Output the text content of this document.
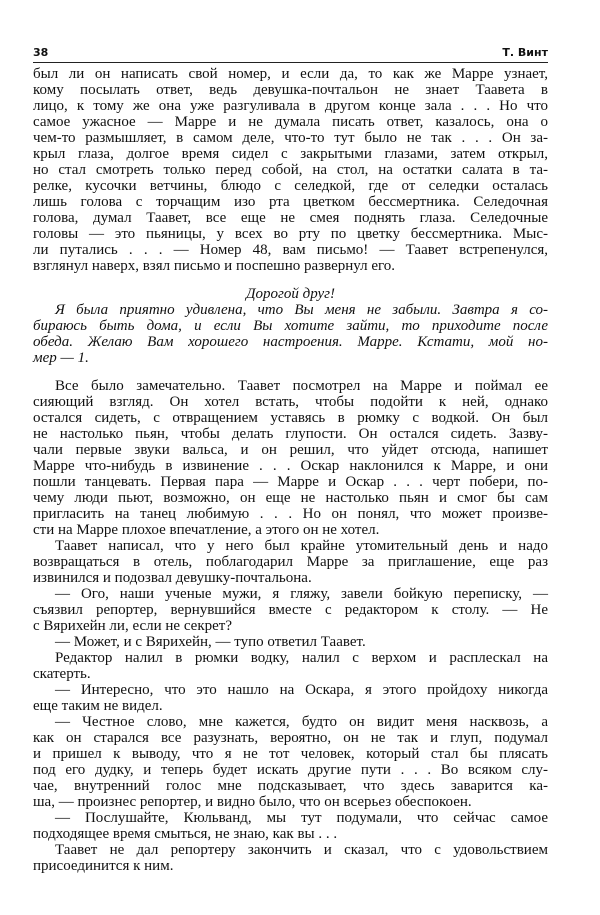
38	Т. Винт
был ли он написать свой номер, и если да, то как же Марре узнает,
кому посылать ответ, ведь девушка-почтальон не знает Таавета в
лицо, к тому же она уже разгуливала в другом конце зала . . . Но что
самое ужасное — Марре и не думала писать ответ, казалось, она о
чем-то размышляет, в самом деле, что-то тут было не так . . . Он за-
крыл глаза, долгое время сидел с закрытыми глазами, затем открыл,
но стал смотреть только перед собой, на стол, на остатки салата в та-
релке, кусочки ветчины, блюдо с селедкой, где от селедки осталась
лишь голова с торчащим изо рта цветком бессмертника. Селедочная
голова, думал Таавет, все еще не смея поднять глаза. Селедочные
головы — это пьяницы, у всех во рту по цветку бессмертника. Мыс-
ли путались . . . — Номер 48, вам письмо! — Таавет встрепенулся,
взглянул наверх, взял письмо и поспешно развернул его.
Дорогой друг!
Я была приятно удивлена, что Вы меня не забыли. Завтра я со-
бираюсь быть дома, и если Вы хотите зайти, то приходите после
обеда. Желаю Вам хорошего настроения. Марре. Кстати, мой но-
мер — 1.
Все было замечательно. Таавет посмотрел на Марре и поймал ее
сияющий взгляд. Он хотел встать, чтобы подойти к ней, однако
остался сидеть, с отвращением уставясь в рюмку с водкой. Он был
не настолько пьян, чтобы делать глупости. Он остался сидеть. Зазву-
чали первые звуки вальса, и он решил, что уйдет отсюда, напишет
Марре что-нибудь в извинение . . . Оскар наклонился к Марре, и они
пошли танцевать. Первая пара — Марре и Оскар . . . черт побери, по-
чему люди пьют, возможно, он еще не настолько пьян и смог бы сам
пригласить на танец любимую . . . Но он понял, что может произве-
сти на Марре плохое впечатление, а этого он не хотел.
Таавет написал, что у него был крайне утомительный день и надо
возвращаться в отель, поблагодарил Марре за приглашение, еще раз
извинился и подозвал девушку-почтальона.
— Ого, наши ученые мужи, я гляжу, завели бойкую переписку, —
съязвил репортер, вернувшийся вместе с редактором к столу. — Не
с Вярихейн ли, если не секрет?
— Может, и с Вярихейн, — тупо ответил Таавет.
Редактор налил в рюмки водку, налил с верхом и расплескал на
скатерть.
— Интересно, что это нашло на Оскара, я этого пройдоху никогда
еще таким не видел.
— Честное слово, мне кажется, будто он видит меня насквозь, а
как он старался все разузнать, вероятно, он не так и глуп, подумал
и пришел к выводу, что я не тот человек, который стал бы плясать
под его дудку, и теперь будет искать другие пути . . . Во всяком слу-
чае, внутренний голос мне подсказывает, что здесь заварится ка-
ша, — произнес репортер, и видно было, что он всерьез обеспокоен.
— Послушайте, Кюльванд, мы тут подумали, что сейчас самое
подходящее время смыться, не знаю, как вы . . .
Таавет не дал репортеру закончить и сказал, что с удовольствием
присоединится к ним.
